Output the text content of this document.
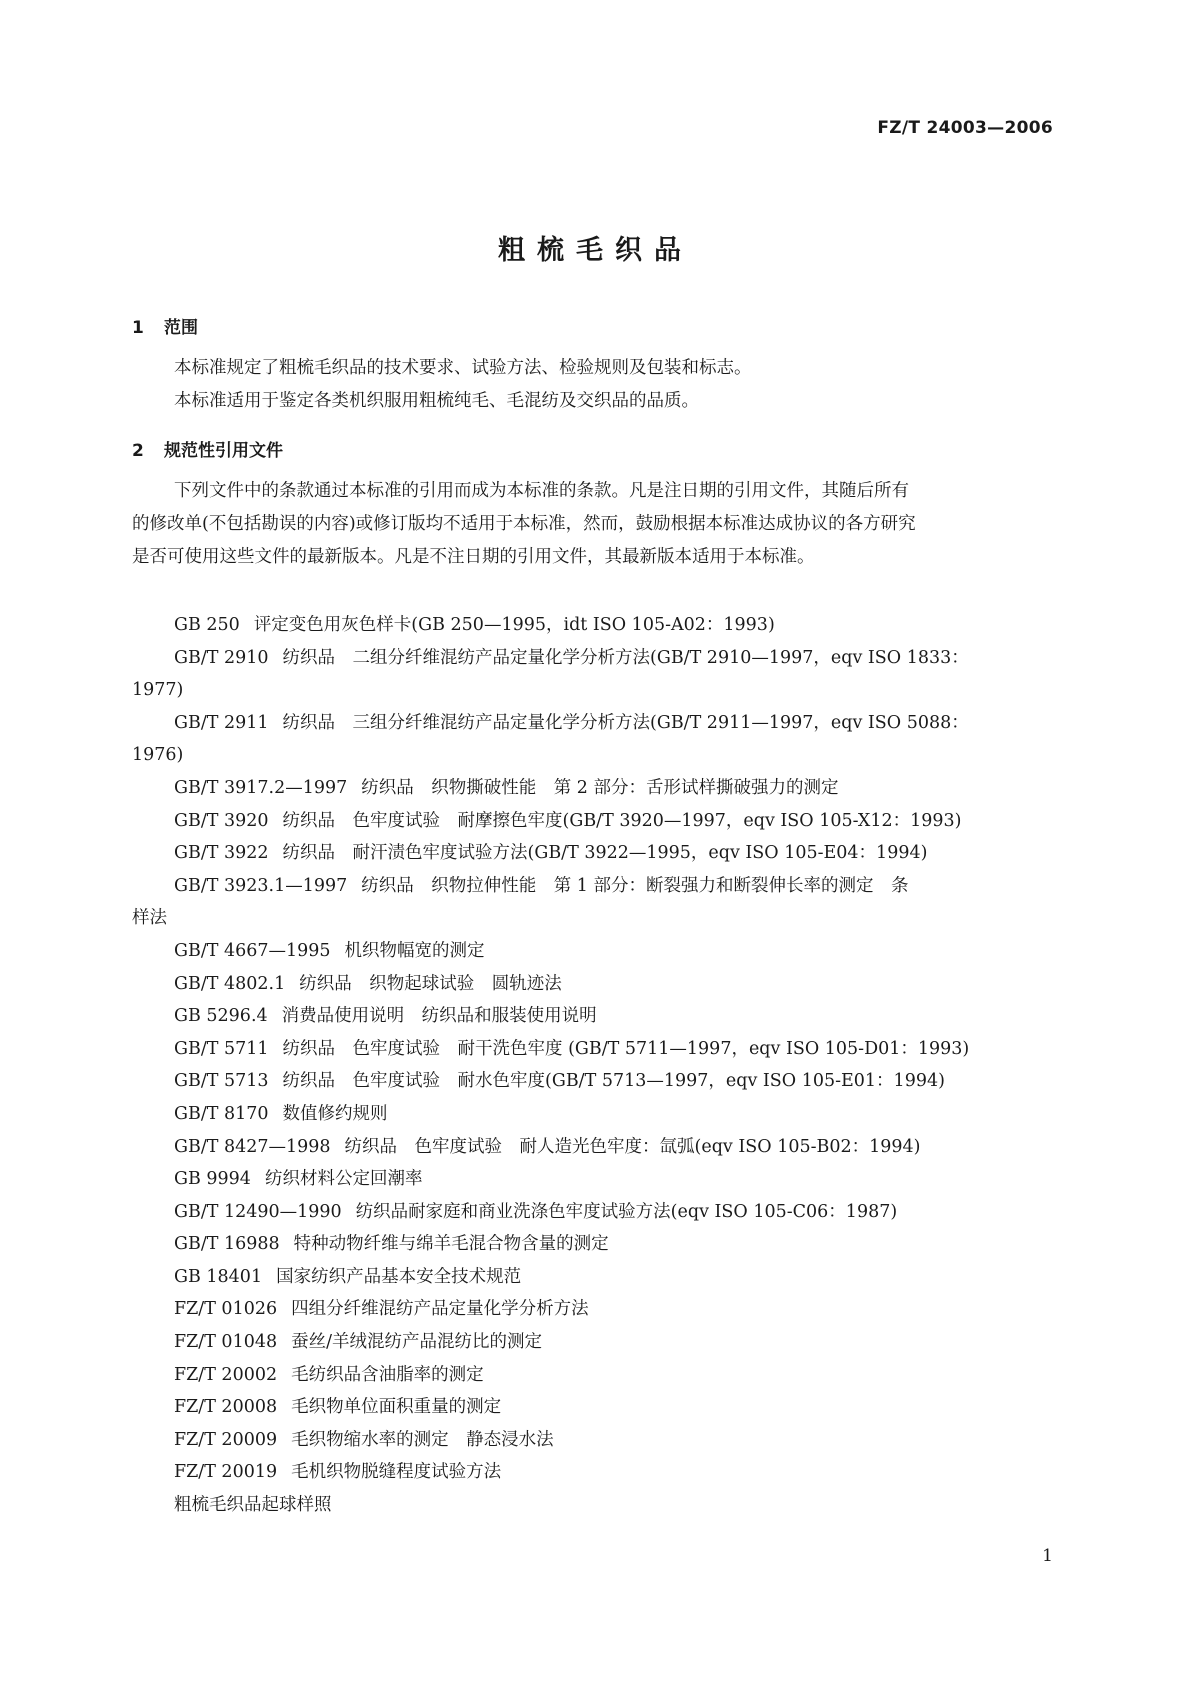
FZ/T 24003—2006
粗梳毛织品
1 范围
本标准规定了粗梳毛织品的技术要求、试验方法、检验规则及包装和标志。
本标准适用于鉴定各类机织服用粗梳纯毛、毛混纺及交织品的品质。
2 规范性引用文件
下列文件中的条款通过本标准的引用而成为本标准的条款。凡是注日期的引用文件，其随后所有
的修改单(不包括勘误的内容)或修订版均不适用于本标准，然而，鼓励根据本标准达成协议的各方研究
是否可使用这些文件的最新版本。凡是不注日期的引用文件，其最新版本适用于本标准。
GB 250 评定变色用灰色样卡(GB 250—1995，idt ISO 105-A02：1993)
GB/T 2910 纺织品　二组分纤维混纺产品定量化学分析方法(GB/T 2910—1997，eqv ISO 1833：
1977)
GB/T 2911 纺织品　三组分纤维混纺产品定量化学分析方法(GB/T 2911—1997，eqv ISO 5088：
1976)
GB/T 3917.2—1997 纺织品　织物撕破性能　第 2 部分：舌形试样撕破强力的测定
GB/T 3920 纺织品　色牢度试验　耐摩擦色牢度(GB/T 3920—1997，eqv ISO 105-X12：1993)
GB/T 3922 纺织品　耐汗渍色牢度试验方法(GB/T 3922—1995，eqv ISO 105-E04：1994)
GB/T 3923.1—1997 纺织品　织物拉伸性能　第 1 部分：断裂强力和断裂伸长率的测定　条
样法
GB/T 4667—1995 机织物幅宽的测定
GB/T 4802.1 纺织品　织物起球试验　圆轨迹法
GB 5296.4 消费品使用说明　纺织品和服装使用说明
GB/T 5711 纺织品　色牢度试验　耐干洗色牢度 (GB/T 5711—1997，eqv ISO 105-D01：1993)
GB/T 5713 纺织品　色牢度试验　耐水色牢度(GB/T 5713—1997，eqv ISO 105-E01：1994)
GB/T 8170 数值修约规则
GB/T 8427—1998 纺织品　色牢度试验　耐人造光色牢度：氙弧(eqv ISO 105-B02：1994)
GB 9994 纺织材料公定回潮率
GB/T 12490—1990 纺织品耐家庭和商业洗涤色牢度试验方法(eqv ISO 105-C06：1987)
GB/T 16988 特种动物纤维与绵羊毛混合物含量的测定
GB 18401 国家纺织产品基本安全技术规范
FZ/T 01026 四组分纤维混纺产品定量化学分析方法
FZ/T 01048 蚕丝/羊绒混纺产品混纺比的测定
FZ/T 20002 毛纺织品含油脂率的测定
FZ/T 20008 毛织物单位面积重量的测定
FZ/T 20009 毛织物缩水率的测定　静态浸水法
FZ/T 20019 毛机织物脱缝程度试验方法
粗梳毛织品起球样照
1
